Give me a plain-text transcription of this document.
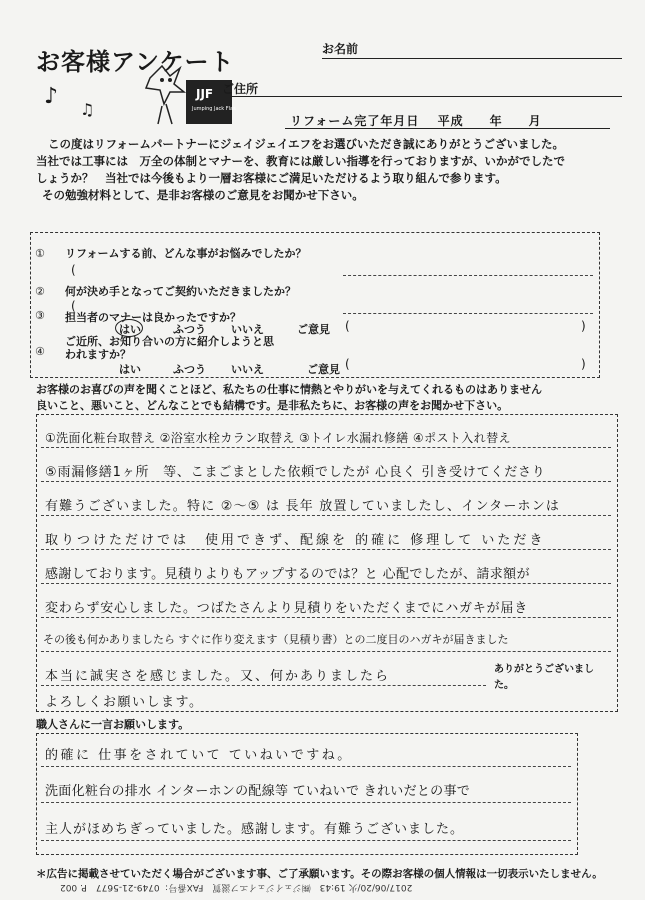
お客様アンケート
JJF
Jumping Jack Flash
♪
♫
お名前
ご住所
リフォーム完了年月日　 平成　　年　　月
この度はリフォームパートナーにジェイジェイエフをお選びいただき誠にありがとうございました。
当社では工事には　万全の体制とマナーを、教育には厳しい指導を行っておりますが、いかがでしたで
しょうか？　当社では今後もより一層お客様にご満足いただけるよう取り組んで参ります。
その勉強材料として、是非お客様のご意見をお聞かせ下さい。
① リフォームする前、どんな事がお悩みでしたか？
(
② 何が決め手となってご契約いただきましたか？
(
③ 担当者のマナーは良かったですか？
はい	ふつう いいえ	ご意見 (	)
④
ご近所、お知り合いの方に紹介しようと思
われますか？
はい	ふつう いいえ	ご意見 (	)
お客様のお喜びの声を聞くことほど、私たちの仕事に情熱とやりがいを与えてくれるものはありません
良いこと、悪いこと、どんなことでも結構です。是非私たちに、お客様の声をお聞かせ下さい。
①洗面化粧台取替え ②浴室水栓カラン取替え ③トイレ水漏れ修繕 ④ポスト入れ替え
⑤雨漏修繕1ヶ所　等、こまごまとした依頼でしたが 心良く 引き受けてくださり
有難うございました。特に ②〜⑤ は 長年 放置していましたし、インターホンは
取りつけただけでは　使用できず、配線を 的確に 修理して いただき
感謝しております。見積りよりもアップするのでは？と 心配でしたが、請求額が
変わらず安心しました。つばたさんより見積りをいただくまでにハガキが届き
その後も何かありましたら すぐに作り変えます（見積り書）との二度目のハガキが届きました
本当に誠実さを感じました。又、何かありましたら
よろしくお願いします。
ありがとうございました。
職人さんに一言お願いします。
的確に 仕事をされていて ていねいですね。
洗面化粧台の排水 インターホンの配線等 ていねいで きれいだとの事で
主人がほめちぎっていました。感謝します。有難うございました。
＊広告に掲載させていただく場合がございます事、ご了承願います。その際お客様の個人情報は一切表示いたしません。
2017/06/20/火 19:43　㈱ジェイジェイエフ滋賀　FAX番号：0749-21-5677　P. 002
